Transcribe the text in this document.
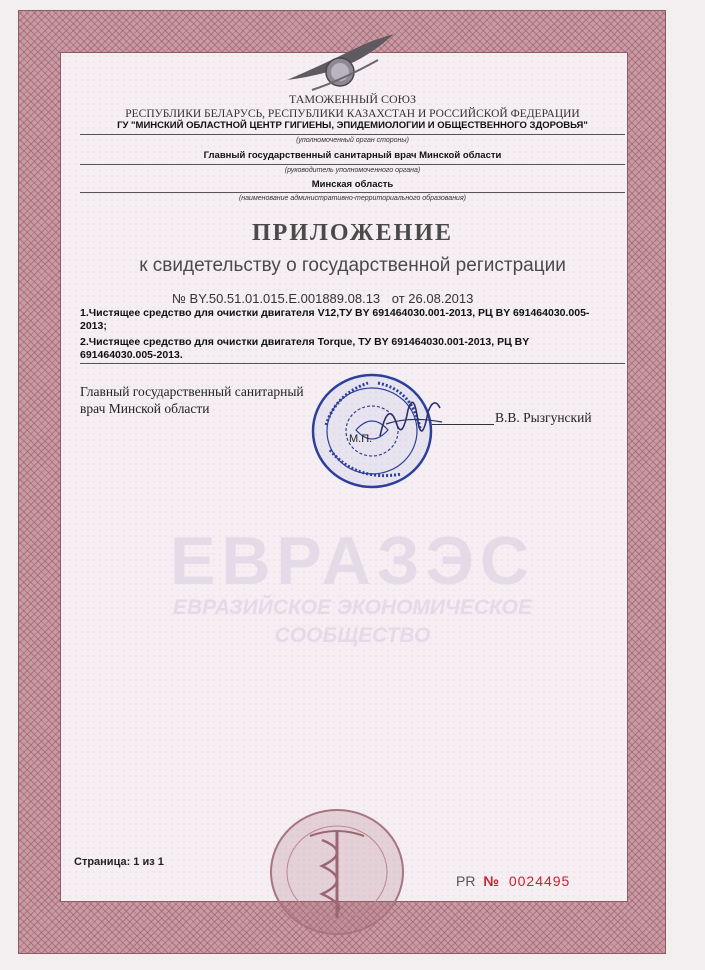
ТАМОЖЕННЫЙ СОЮЗ
РЕСПУБЛИКИ БЕЛАРУСЬ, РЕСПУБЛИКИ КАЗАХСТАН И РОССИЙСКОЙ ФЕДЕРАЦИИ
ГУ "МИНСКИЙ ОБЛАСТНОЙ ЦЕНТР ГИГИЕНЫ, ЭПИДЕМИОЛОГИИ И ОБЩЕСТВЕННОГО ЗДОРОВЬЯ"
(уполномоченный орган стороны)
Главный государственный санитарный врач Минской области
(руководитель уполномоченного органа)
Минская область
(наименование административно-территориального образования)
ПРИЛОЖЕНИЕ
к свидетельству о государственной регистрации
№ BY.50.51.01.015.E.001889.08.13 от 26.08.2013
1.Чистящее средство для очистки двигателя V12,ТУ BY 691464030.001-2013, РЦ BY 691464030.005-2013;
2.Чистящее средство для очистки двигателя Torque, ТУ BY 691464030.001-2013, РЦ BY 691464030.005-2013.
ЕВРАЗЭС
ЕВРАЗИЙСКОЕ ЭКОНОМИЧЕСКОЕ
СООБЩЕСТВО
Главный государственный санитарный
врач Минской области
М.П.
В.В. Рызгунский
Страница: 1 из 1
PR № 0024495
